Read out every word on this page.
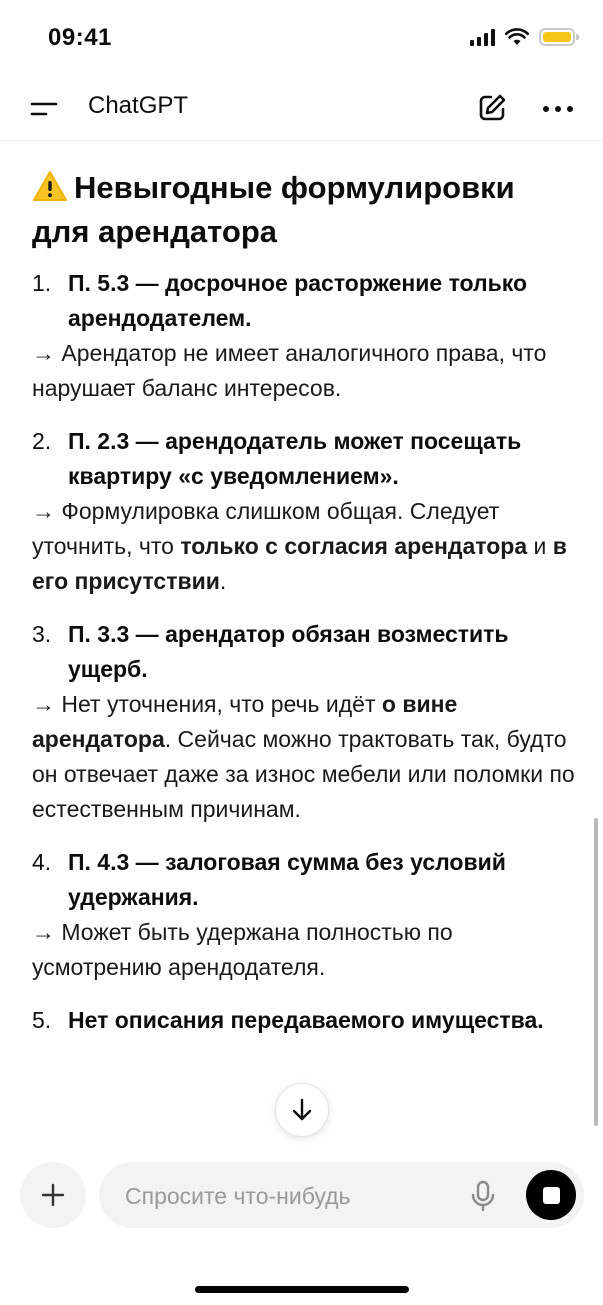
09:41
ChatGPT
Невыгодные формулировки для арендатора
1. П. 5.3 — досрочное расторжение только арендодателем.
→ Арендатор не имеет аналогичного права, что нарушает баланс интересов.
2. П. 2.3 — арендодатель может посещать квартиру «с уведомлением».
→ Формулировка слишком общая. Следует уточнить, что только с согласия арендатора и в его присутствии.
3. П. 3.3 — арендатор обязан возместить ущерб.
→ Нет уточнения, что речь идёт о вине арендатора. Сейчас можно трактовать так, будто он отвечает даже за износ мебели или поломки по естественным причинам.
4. П. 4.3 — залоговая сумма без условий удержания.
→ Может быть удержана полностью по усмотрению арендодателя.
5. Нет описания передаваемого имущества.
Спросите что-нибудь
